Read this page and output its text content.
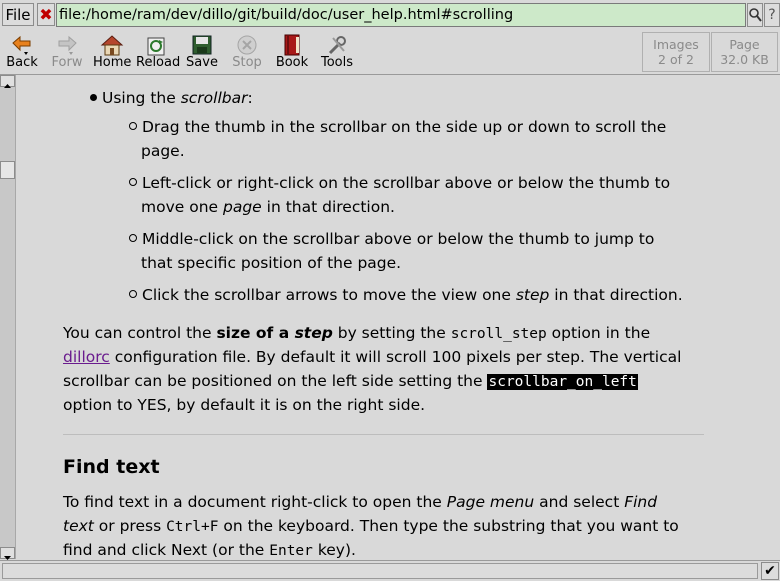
File ✖ file:/home/ram/dev/dillo/git/build/doc/user_help.html#scrolling	?
Back Forw Home Reload Save Stop Book Tools
Images
2 of 2
Page
32.0 KB
Using the scrollbar:
Drag the thumb in the scrollbar on the side up or down to scroll the
page.
Left-click or right-click on the scrollbar above or below the thumb to
move one page in that direction.
Middle-click on the scrollbar above or below the thumb to jump to
that specific position of the page.
Click the scrollbar arrows to move the view one step in that direction.
You can control the size of a step by setting the scroll_step option in the
dillorc configuration file. By default it will scroll 100 pixels per step. The vertical
scrollbar can be positioned on the left side setting the scrollbar_on_left
option to YES, by default it is on the right side.
Find text
To find text in a document right-click to open the Page menu and select Find
text or press Ctrl+F on the keyboard. Then type the substring that you want to
find and click Next (or the Enter key).
✔
